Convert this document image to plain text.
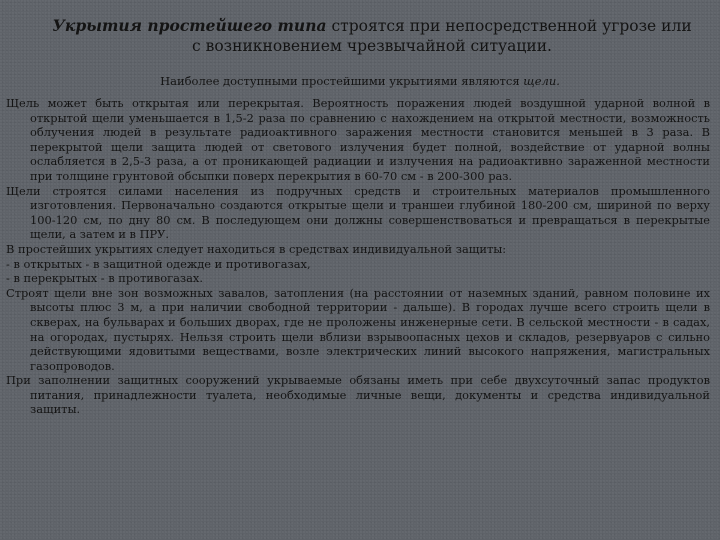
Укрытия простейшего типа строятся при непосредственной угрозе или с возникновением чрезвычайной ситуации.
Наиболее доступными простейшими укрытиями являются щели.

Щель может быть открытая или перекрытая. Вероятность поражения людей воздушной ударной волной в открытой щели уменьшается в 1,5-2 раза по сравнению с нахождением на открытой местности, возможность облучения людей в результате радиоактивного заражения местности становится меньшей в 3 раза. В перекрытой щели защита людей от светового излучения будет полной, воздействие от ударной волны ослабляется в 2,5-3 раза, а от проникающей радиации и излучения на радиоактивно зараженной местности при толщине грунтовой обсыпки поверх перекрытия в 60-70 см - в 200-300 раз.

Щели строятся силами населения из подручных средств и строительных материалов промышленного изготовления. Первоначально создаются открытые щели и траншеи глубиной 180-200 см, шириной по верху 100-120 см, по дну 80 см. В последующем они должны совершенствоваться и превращаться в перекрытые щели, а затем и в ПРУ.

В простейших укрытиях следует находиться в средствах индивидуальной защиты:

- в открытых - в защитной одежде и противогазах,

- в перекрытых - в противогазах.

Строят щели вне зон возможных завалов, затопления (на расстоянии от наземных зданий, равном половине их высоты плюс 3 м, а при наличии свободной территории - дальше). В городах лучше всего строить щели в скверах, на бульварах и больших дворах, где не проложены инженерные сети. В сельской местности - в садах, на огородах, пустырях. Нельзя строить щели вблизи взрывоопасных цехов и складов, резервуаров с сильно действующими ядовитыми веществами, возле электрических линий высокого напряжения, магистральных газопроводов.

При заполнении защитных сооружений укрываемые обязаны иметь при себе двухсуточный запас продуктов питания, принадлежности туалета, необходимые личные вещи, документы и средства индивидуальной защиты.
